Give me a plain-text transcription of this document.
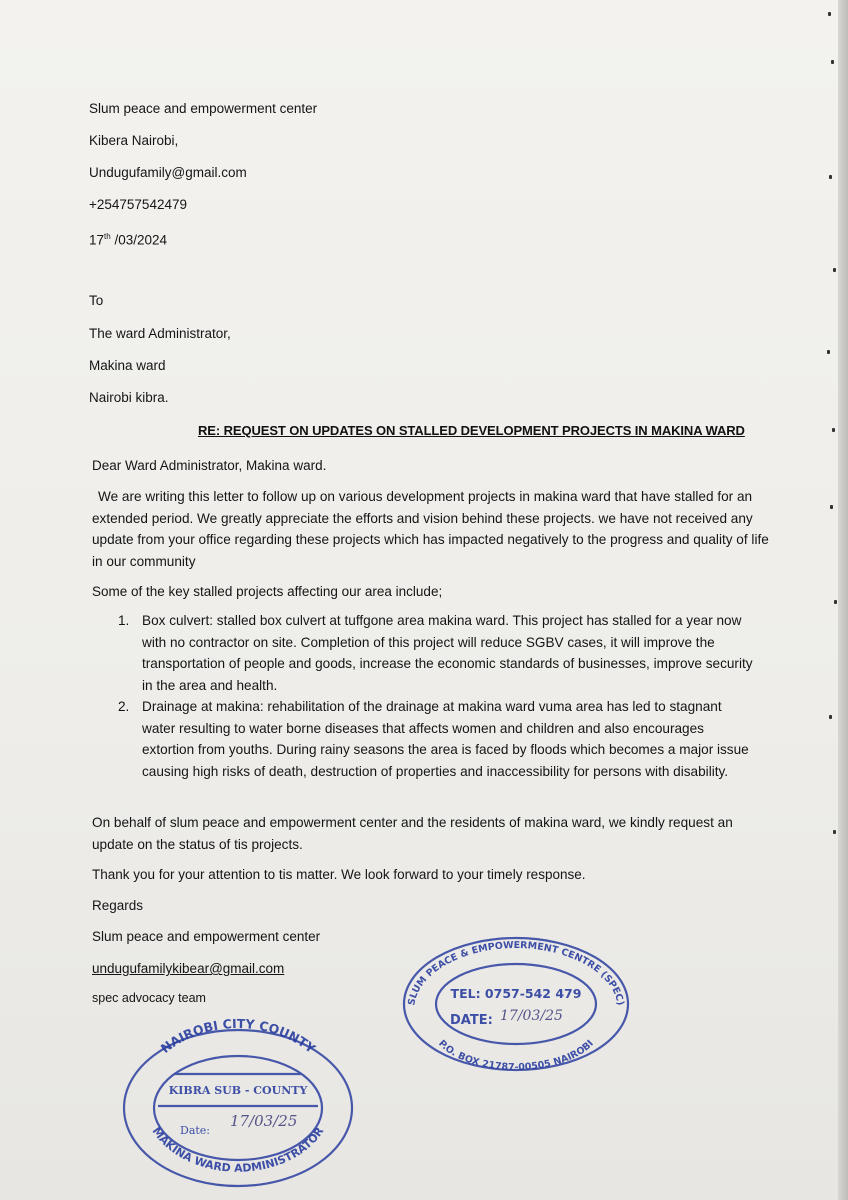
Slum peace and empowerment center

Kibera Nairobi,

Undugufamily@gmail.com

+254757542479

17th /03/2024

To

The ward Administrator,

Makina ward

Nairobi kibra.

RE: REQUEST ON UPDATES ON STALLED DEVELOPMENT PROJECTS IN MAKINA WARD

Dear Ward Administrator, Makina ward.

We are writing this letter to follow up on various development projects in makina ward that have stalled for an extended period. We greatly appreciate the efforts and vision behind these projects. we have not received any update from your office regarding these projects which has impacted negatively to the progress and quality of life in our community

Some of the key stalled projects affecting our area include;

1. Box culvert: stalled box culvert at tuffgone area makina ward. This project has stalled for a year now with no contractor on site. Completion of this project will reduce SGBV cases, it will improve the transportation of people and goods, increase the economic standards of businesses, improve security in the area and health.
2. Drainage at makina: rehabilitation of the drainage at makina ward vuma area has led to stagnant water resulting to water borne diseases that affects women and children and also encourages extortion from youths. During rainy seasons the area is faced by floods which becomes a major issue causing high risks of death, destruction of properties and inaccessibility for persons with disability.

On behalf of slum peace and empowerment center and the residents of makina ward, we kindly request an update on the status of tis projects.

Thank you for your attention to tis matter. We look forward to your timely response.

Regards

Slum peace and empowerment center

undugufamilykibear@gmail.com

spec advocacy team

NAIROBI CITY COUNTY
KIBRA SUB - COUNTY
Date:
17/03/25
MAKINA WARD ADMINISTRATOR
SLUM PEACE & EMPOWERMENT CENTRE (SPEC)
TEL: 0757-542 479
DATE: 17/03/25
P.O. BOX 21787-00505 NAIROBI
